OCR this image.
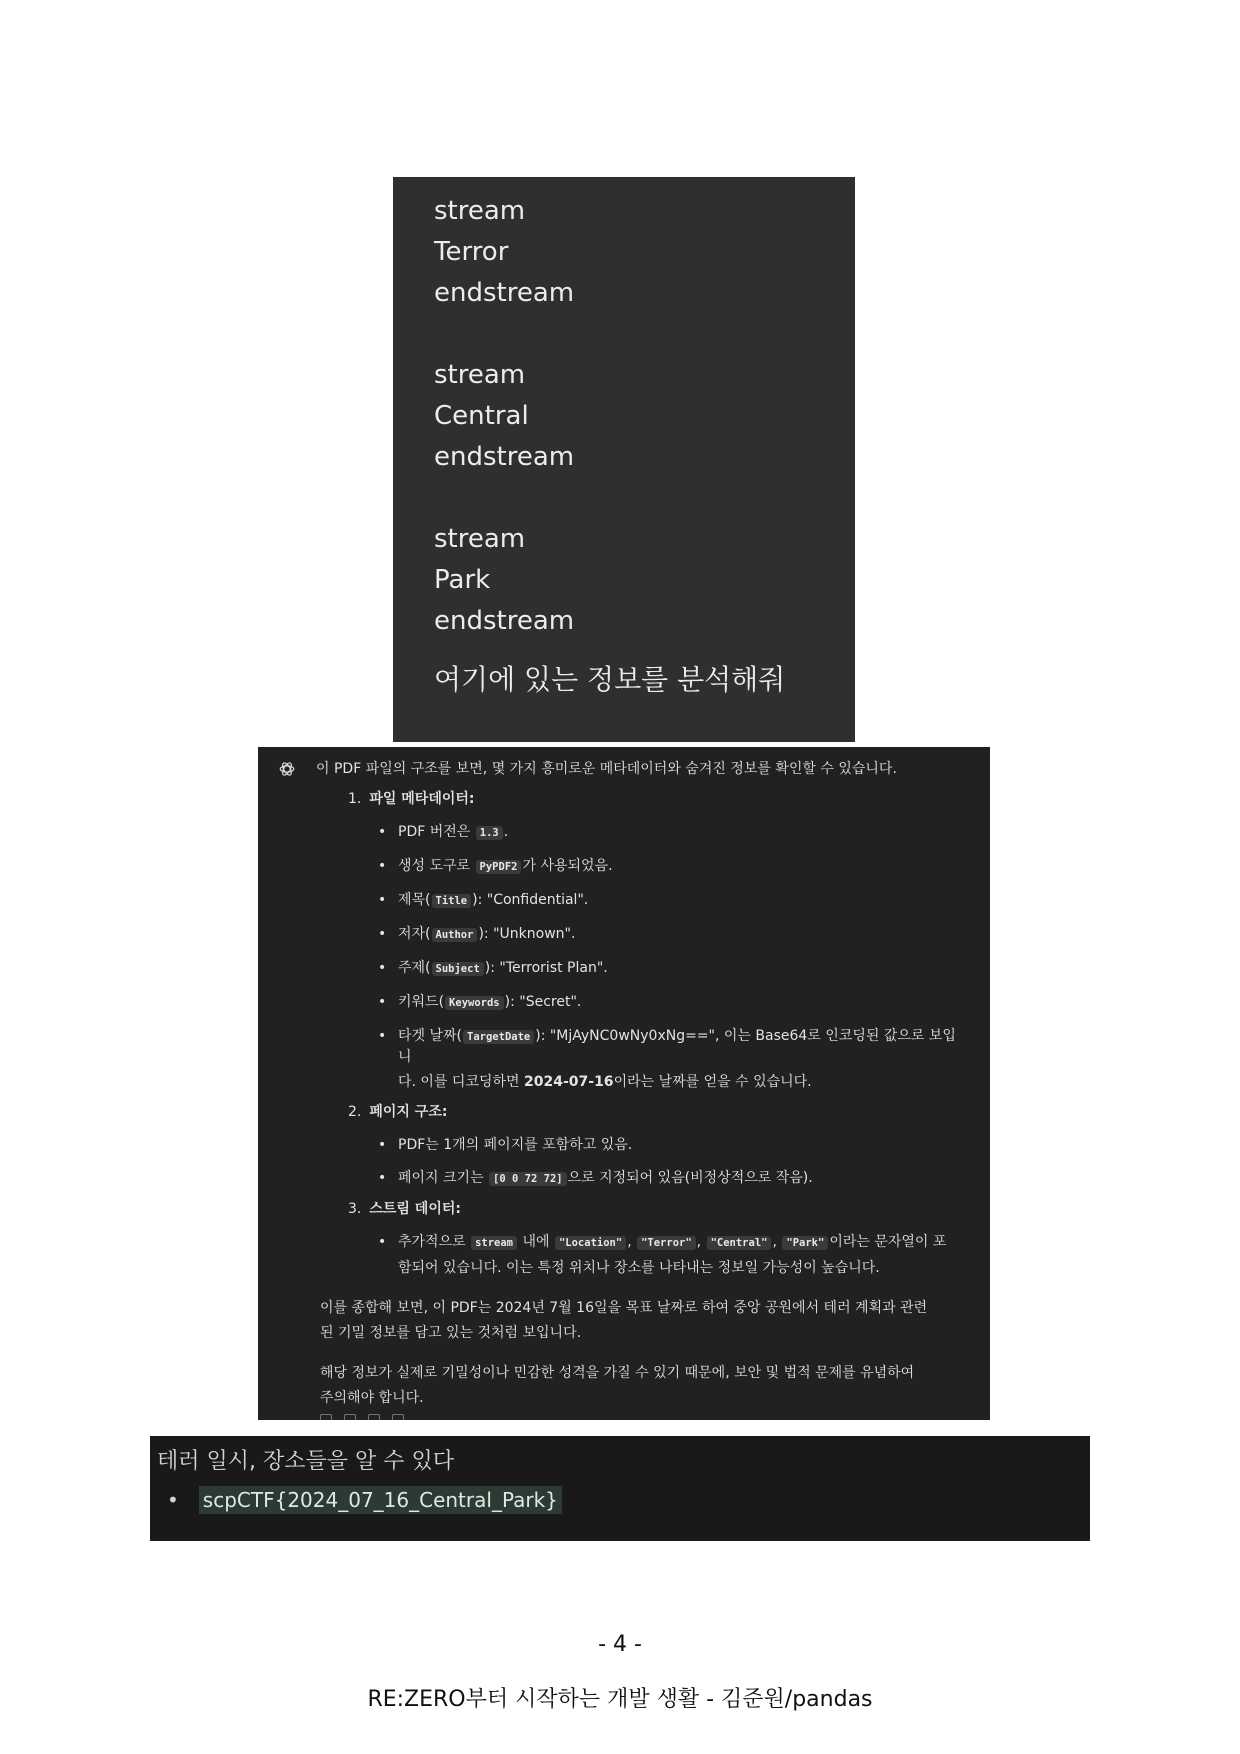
stream
Terror
endstream
stream
Central
endstream
stream
Park
endstream
여기에 있는 정보를 분석해줘
이 PDF 파일의 구조를 보면, 몇 가지 흥미로운 메타데이터와 숨겨진 정보를 확인할 수 있습니다.
1. 파일 메타데이터:
• PDF 버전은 1.3 .
• 생성 도구로 PyPDF2 가 사용되었음.
• 제목( Title ): "Confidential".
• 저자( Author ): "Unknown".
• 주제( Subject ): "Terrorist Plan".
• 키워드( Keywords ): "Secret".
• 타겟 날짜( TargetDate ): "MjAyNC0wNy0xNg==", 이는 Base64로 인코딩된 값으로 보입니
다. 이를 디코딩하면 2024-07-16이라는 날짜를 얻을 수 있습니다.
2. 페이지 구조:
• PDF는 1개의 페이지를 포함하고 있음.
• 페이지 크기는 [0 0 72 72] 으로 지정되어 있음(비정상적으로 작음).
3. 스트림 데이터:
• 추가적으로 stream 내에 "Location" , "Terror" , "Central" , "Park" 이라는 문자열이 포
함되어 있습니다. 이는 특정 위치나 장소를 나타내는 정보일 가능성이 높습니다.
이를 종합해 보면, 이 PDF는 2024년 7월 16일을 목표 날짜로 하여 중앙 공원에서 테러 계획과 관련
된 기밀 정보를 담고 있는 것처럼 보입니다.
해당 정보가 실제로 기밀성이나 민감한 성격을 가질 수 있기 때문에, 보안 및 법적 문제를 유념하여
주의해야 합니다.
테러 일시, 장소들을 알 수 있다
• scpCTF{2024_07_16_Central_Park}
- 4 -
RE:ZERO부터 시작하는 개발 생활 - 김준원/pandas
